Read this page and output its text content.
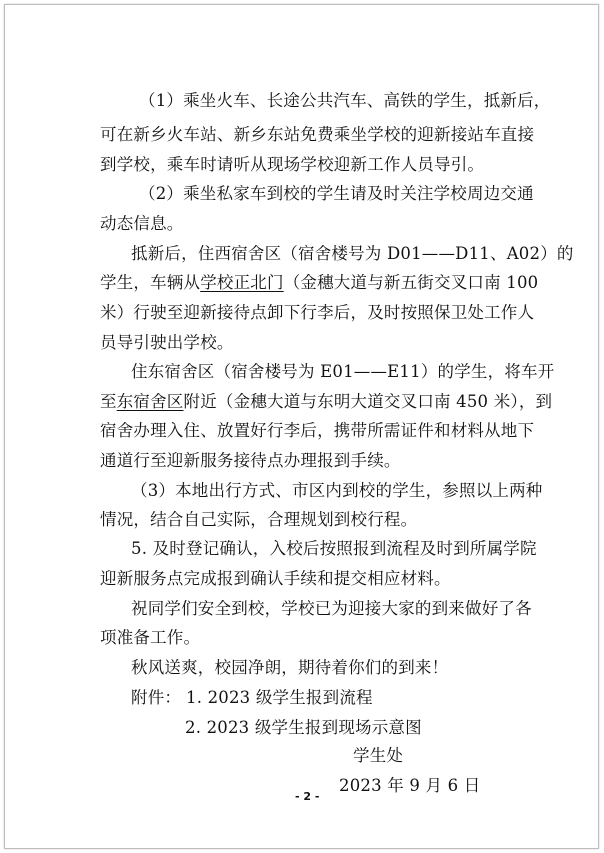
（1）乘坐火车、长途公共汽车、高铁的学生，抵新后，
可在新乡火车站、新乡东站免费乘坐学校的迎新接站车直接
到学校，乘车时请听从现场学校迎新工作人员导引。
（2）乘坐私家车到校的学生请及时关注学校周边交通
动态信息。
抵新后，住西宿舍区（宿舍楼号为 D01——D11、A02）的
学生，车辆从学校正北门（金穗大道与新五街交叉口南 100
米）行驶至迎新接待点卸下行李后，及时按照保卫处工作人
员导引驶出学校。
住东宿舍区（宿舍楼号为 E01——E11）的学生，将车开
至东宿舍区附近（金穗大道与东明大道交叉口南 450 米），到
宿舍办理入住、放置好行李后，携带所需证件和材料从地下
通道行至迎新服务接待点办理报到手续。
（3）本地出行方式、市区内到校的学生，参照以上两种
情况，结合自己实际，合理规划到校行程。
5. 及时登记确认，入校后按照报到流程及时到所属学院
迎新服务点完成报到确认手续和提交相应材料。
祝同学们安全到校，学校已为迎接大家的到来做好了各
项准备工作。
秋风送爽，校园净朗，期待着你们的到来！
附件： 1. 2023 级学生报到流程
2. 2023 级学生报到现场示意图
学生处
2023 年 9 月 6 日
- 2 -
